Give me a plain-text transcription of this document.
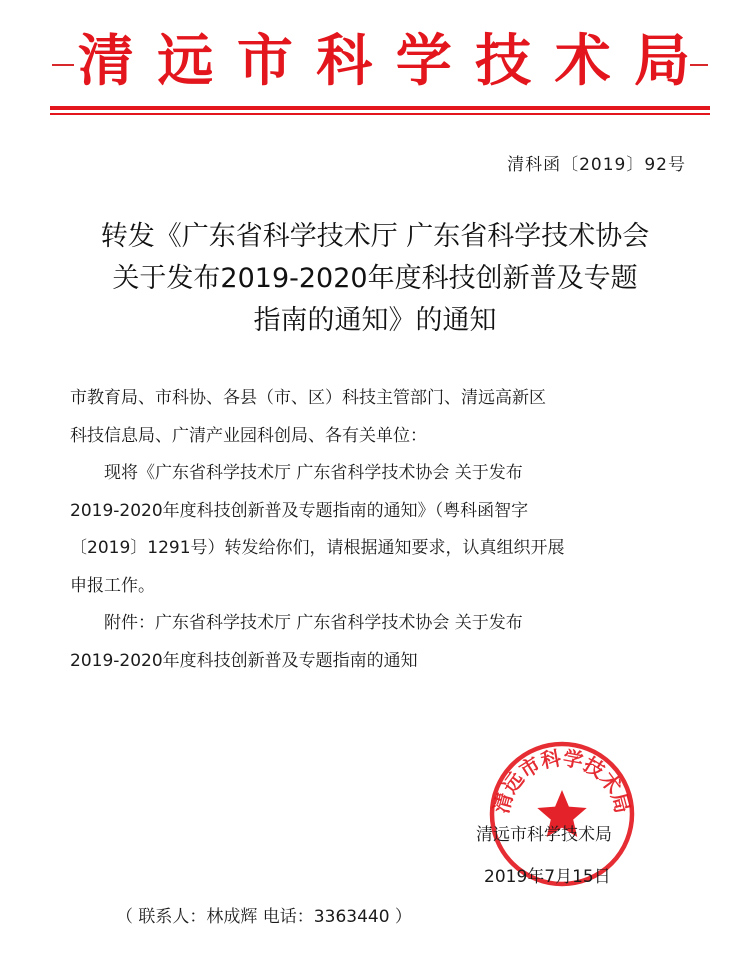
清远市科学技术局
清科函〔2019〕92号
转发《广东省科学技术厅 广东省科学技术协会
关于发布2019-2020年度科技创新普及专题
指南的通知》的通知

市教育局、市科协、各县（市、区）科技主管部门、清远高新区

科技信息局、广清产业园科创局、各有关单位：

现将《广东省科学技术厅 广东省科学技术协会 关于发布

2019-2020年度科技创新普及专题指南的通知》（粤科函智字

〔2019〕1291号）转发给你们，请根据通知要求，认真组织开展

申报工作。

附件：广东省科学技术厅 广东省科学技术协会 关于发布

2019-2020年度科技创新普及专题指南的通知

清远市科学技术局
清远市科学技术局
2019年7月15日
（ 联系人：林成辉 电话：3363440 ）
